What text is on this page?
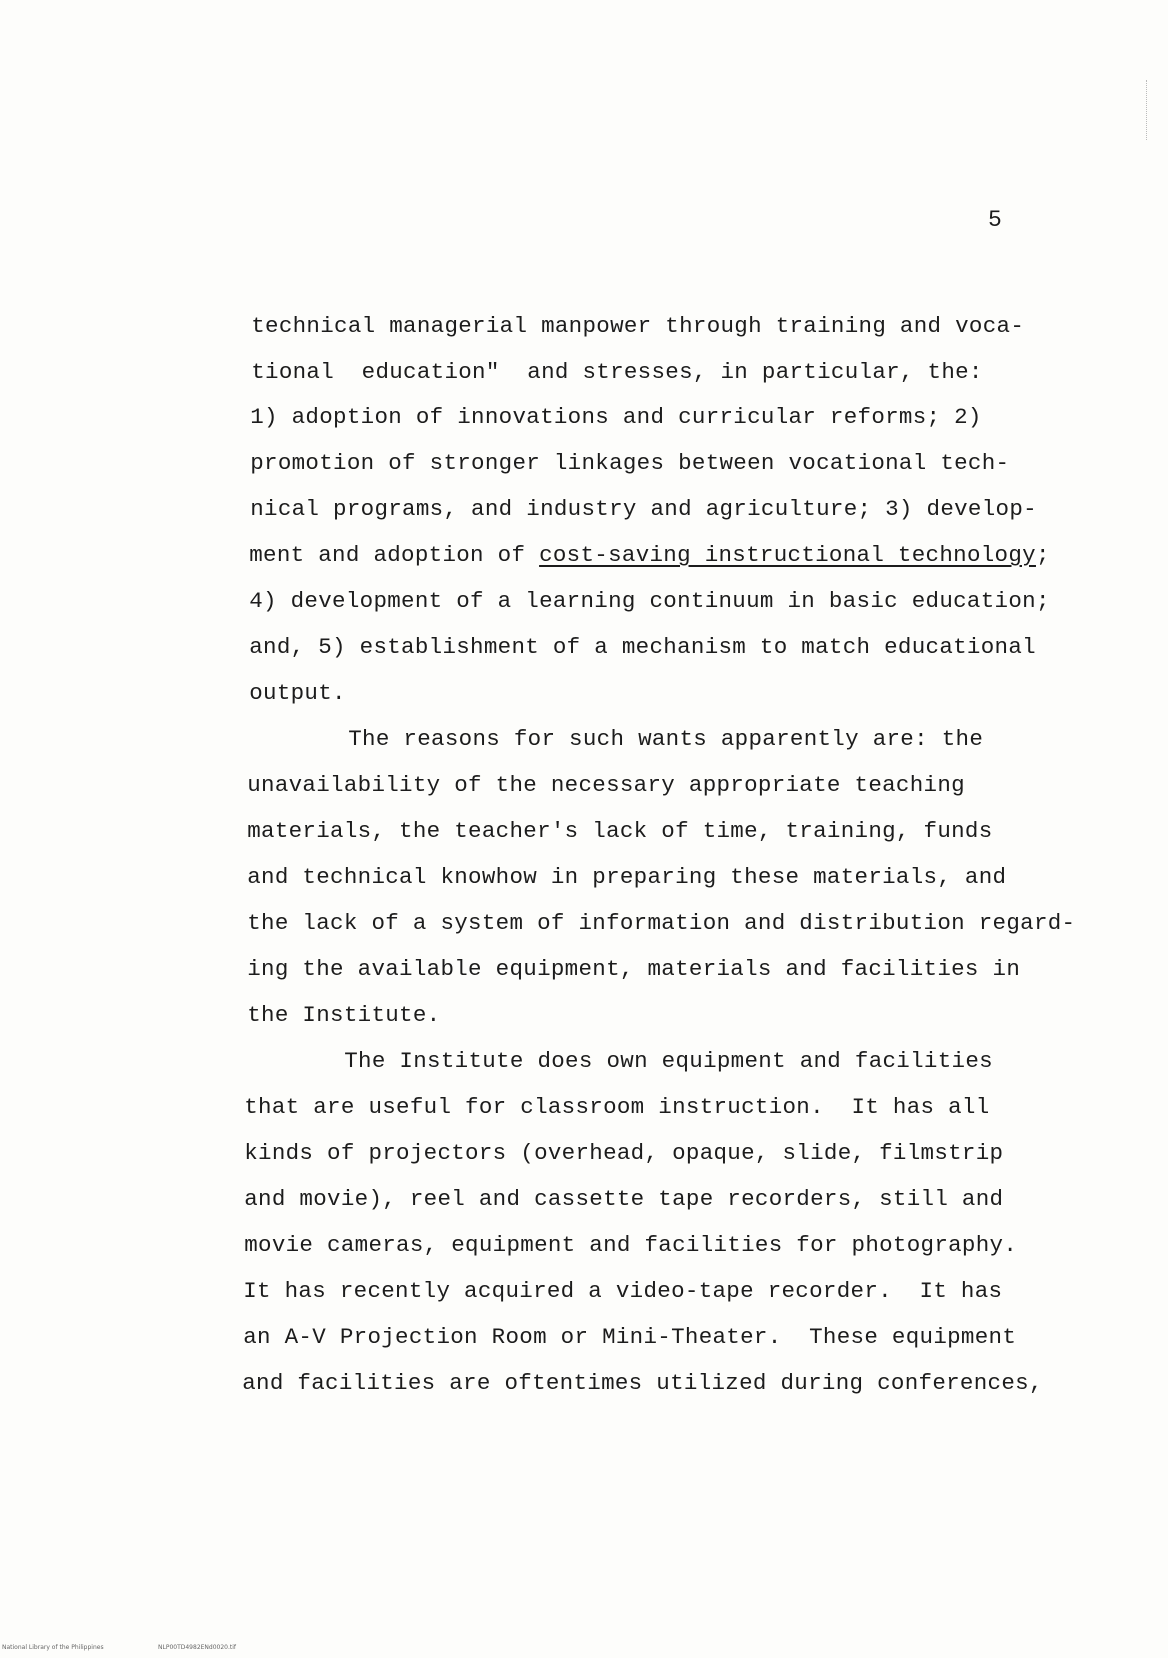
5

technical managerial manpower through training and voca-

tional  education"  and stresses, in particular, the:

1) adoption of innovations and curricular reforms; 2)

promotion of stronger linkages between vocational tech-

nical programs, and industry and agriculture; 3) develop-

ment and adoption of cost-saving instructional technology;

4) development of a learning continuum in basic education;

and, 5) establishment of a mechanism to match educational

output.

The reasons for such wants apparently are: the

unavailability of the necessary appropriate teaching

materials, the teacher's lack of time, training, funds

and technical knowhow in preparing these materials, and

the lack of a system of information and distribution regard-

ing the available equipment, materials and facilities in

the Institute.

The Institute does own equipment and facilities

that are useful for classroom instruction.  It has all

kinds of projectors (overhead, opaque, slide, filmstrip

and movie), reel and cassette tape recorders, still and

movie cameras, equipment and facilities for photography.

It has recently acquired a video-tape recorder.  It has

an A-V Projection Room or Mini-Theater.  These equipment

and facilities are oftentimes utilized during conferences,

National Library of the Philippines	NLP00TD4982ENd0020.tif
